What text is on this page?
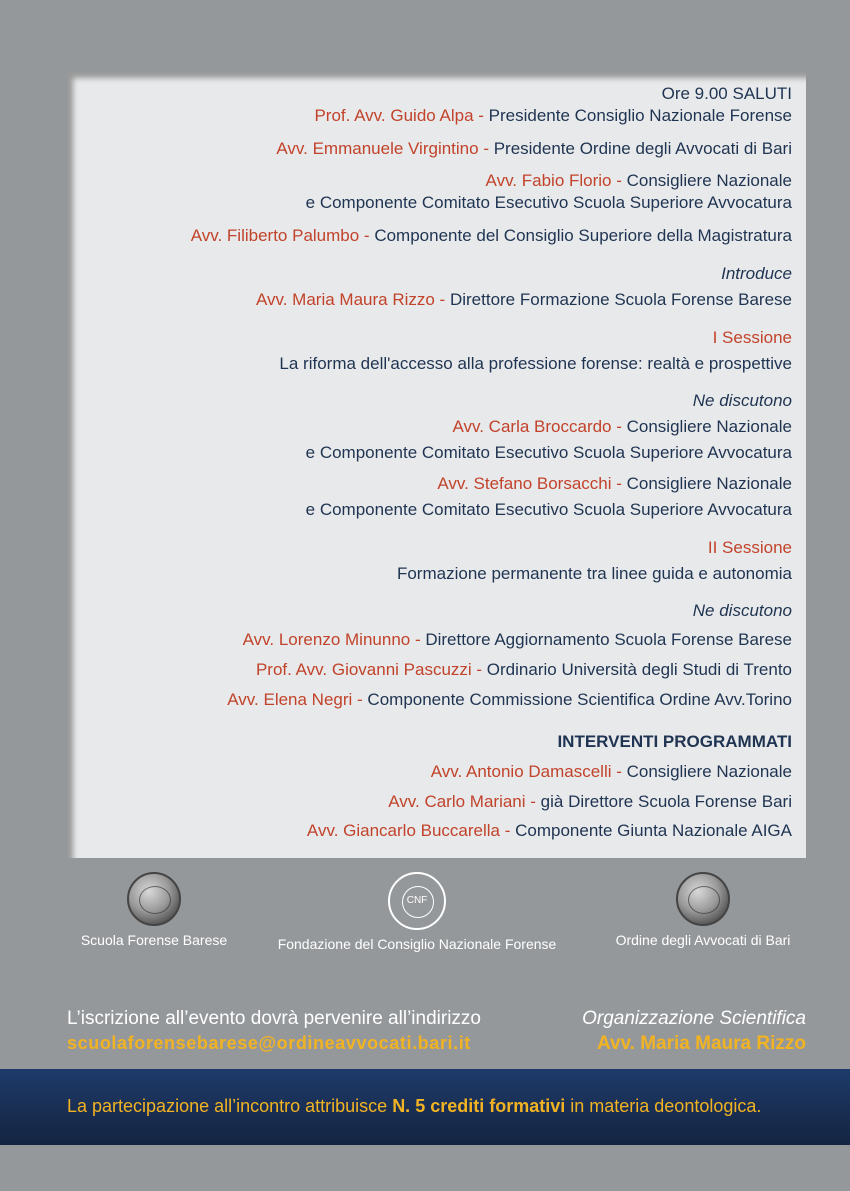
Ore 9.00 SALUTI
Prof. Avv. Guido Alpa - Presidente Consiglio Nazionale Forense
Avv. Emmanuele Virgintino - Presidente Ordine degli Avvocati di Bari
Avv. Fabio Florio - Consigliere Nazionale
e Componente Comitato Esecutivo Scuola Superiore Avvocatura
Avv. Filiberto Palumbo - Componente del Consiglio Superiore della Magistratura
Introduce
Avv. Maria Maura Rizzo - Direttore Formazione Scuola Forense Barese
I Sessione
La riforma dell'accesso alla professione forense: realtà e prospettive
Ne discutono
Avv. Carla Broccardo - Consigliere Nazionale
e Componente Comitato Esecutivo Scuola Superiore Avvocatura
Avv. Stefano Borsacchi - Consigliere Nazionale
e Componente Comitato Esecutivo Scuola Superiore Avvocatura
II Sessione
Formazione permanente tra linee guida e autonomia
Ne discutono
Avv. Lorenzo Minunno - Direttore Aggiornamento Scuola Forense Barese
Prof. Avv. Giovanni Pascuzzi - Ordinario Università degli Studi di Trento
Avv. Elena Negri - Componente Commissione Scientifica Ordine Avv.Torino
INTERVENTI PROGRAMMATI
Avv. Antonio Damascelli - Consigliere Nazionale
Avv. Carlo Mariani - già Direttore Scuola Forense Bari
Avv. Giancarlo Buccarella - Componente Giunta Nazionale AIGA
Scuola Forense Barese
CNF
Fondazione del Consiglio Nazionale Forense	Ordine degli Avvocati di Bari
L’iscrizione all’evento dovrà pervenire all’indirizzo
scuolaforensebarese@ordineavvocati.bari.it
Organizzazione Scientifica
Avv. Maria Maura Rizzo
La partecipazione all’incontro attribuisce N. 5 crediti formativi in materia deontologica.
